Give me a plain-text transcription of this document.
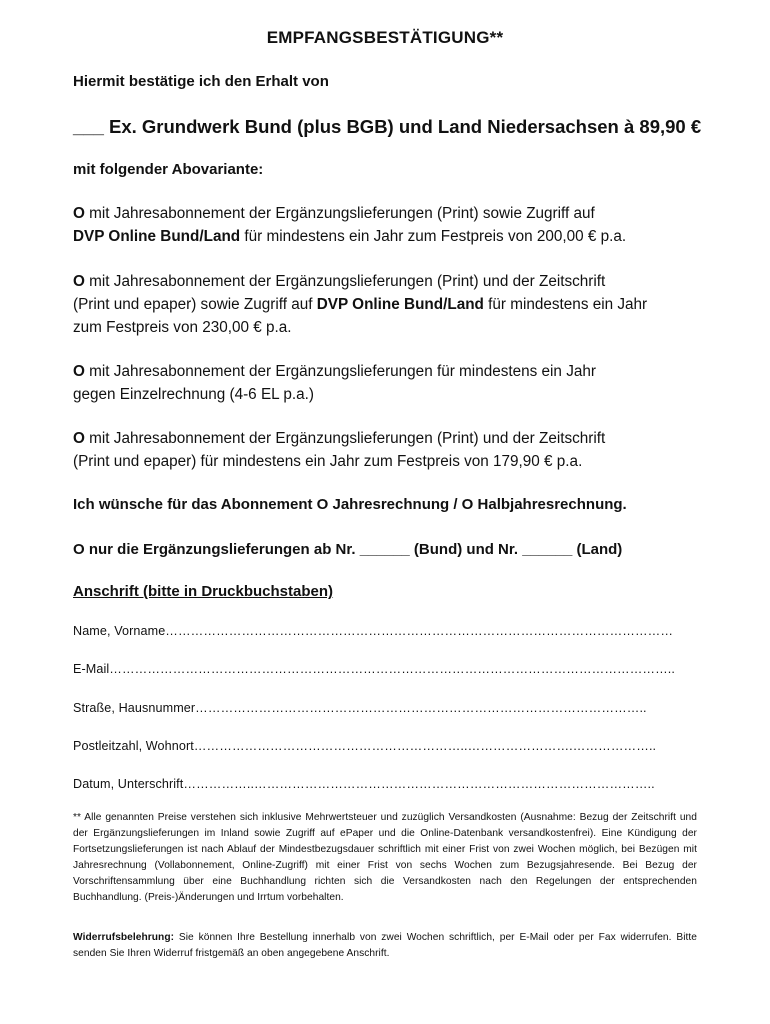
EMPFANGSBESTÄTIGUNG**
Hiermit bestätige ich den Erhalt von
___ Ex. Grundwerk Bund (plus BGB) und Land Niedersachsen à 89,90 €
mit folgender Abovariante:
O mit Jahresabonnement der Ergänzungslieferungen (Print) sowie Zugriff auf
DVP Online Bund/Land für mindestens ein Jahr zum Festpreis von 200,00 € p.a.
O mit Jahresabonnement der Ergänzungslieferungen (Print) und der Zeitschrift
(Print und epaper) sowie Zugriff auf DVP Online Bund/Land für mindestens ein Jahr
zum Festpreis von 230,00 € p.a.
O mit Jahresabonnement der Ergänzungslieferungen für mindestens ein Jahr
gegen Einzelrechnung (4-6 EL p.a.)
O mit Jahresabonnement der Ergänzungslieferungen (Print) und der Zeitschrift
(Print und epaper) für mindestens ein Jahr zum Festpreis von 179,90 € p.a.
Ich wünsche für das Abonnement O Jahresrechnung / O Halbjahresrechnung.
O nur die Ergänzungslieferungen ab Nr. ______ (Bund) und Nr. ______ (Land)
Anschrift (bitte in Druckbuchstaben)
Name, Vorname…………………………………………………………………………………………………………
E-Mail……………………………………………………………………………………………………………………..
Straße, Hausnummer……………………………………………………………………………………………..
Postleitzahl, Wohnort………………………………………………………..…………………….………………..
Datum, Unterschrift……………..…………………………………………………………………………………..
** Alle genannten Preise verstehen sich inklusive Mehrwertsteuer und zuzüglich Versandkosten (Ausnahme: Bezug der Zeitschrift und der Ergänzungslieferungen im Inland sowie Zugriff auf ePaper und die Online-Datenbank versandkostenfrei). Eine Kündigung der Fortsetzungslieferungen ist nach Ablauf der Mindestbezugsdauer schriftlich mit einer Frist von zwei Wochen möglich, bei Bezügen mit Jahresrechnung (Vollabonnement, Online-Zugriff) mit einer Frist von sechs Wochen zum Bezugsjahresende. Bei Bezug der Vorschriftensammlung über eine Buchhandlung richten sich die Versandkosten nach den Regelungen der entsprechenden Buchhandlung. (Preis-)Änderungen und Irrtum vorbehalten.
Widerrufsbelehrung: Sie können Ihre Bestellung innerhalb von zwei Wochen schriftlich, per E-Mail oder per Fax widerrufen. Bitte senden Sie Ihren Widerruf fristgemäß an oben angegebene Anschrift.
